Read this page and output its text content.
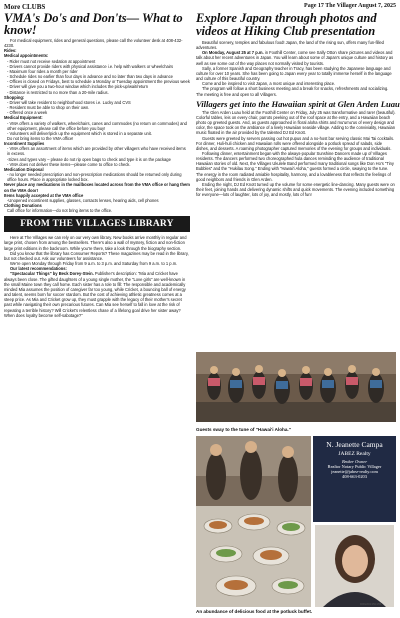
More CLUBS
VMA's Do's and Don'ts— What to know!

For medical equipment, rides and general questions, please call the volunteer desk at 408-432-4230.

Rides:

Medical appointments:

- Rider must not receive sedation at appointment

- Drivers cannot provide riders with physical assistance i.e. help with walkers or wheelchairs

- Maximum four rides a month per rider

- Schedule rides no earlier than four days in advance and no later than two days in advance

- Offices is closed on Fridays, best to schedule a Monday or Tuesday appointment the previous week

- Driver will give you a two-hour window which includes the pick-up/wait/return

- Distance is restricted to no more than a 20-mile radius.

Shopping:

- Driver will take resident to neighborhood stores i.e. Lucky and CVS

- Resident must be able to shop on their own.

- Offered once a week

Medical Equipment:

- VMA offers a variety of walkers, wheelchairs, canes and commodes (no return on commodes) and other equipment, please call the office before you buy!

- Volunteers will deliver/pick up the equipment which is stored in a separate unit.

Do not bring items to the VMA office!

Incontinent Supplies

- VMA offers an assortment of items which are provided by other villagers who have received items in excess.

-Sizes and types vary – please do not rip open bags to check and type it is on the package

- VMA does not deliver these items—please come to office to check.

Medication Disposal

- no longer needed prescription and non-prescription medications should be returned only during office hours. Place in appropriate locked box.

Never place any medications in the mailboxes located across from the VMA office or hang them on the VMA door!

Items happily accepted at the VMA office

-Unopened incontinent supplies, glasses, contacts lenses, hearing aids, cell phones

Clothing Donations

Call office for information—do not bring items to the office.

FROM THE VILLAGES LIBRARY

Here at The Villages we can rely on our very own library. New books arrive monthly in regular and large print, chosen from among the bestsellers. There's also a wall of mystery, fiction and non-fiction large print editions in the backroom. While you're there, take a look through the biography section.

Did you know that the library has Consumer Reports? These magazines may be read in the library, but not checked out. Ask our volunteers for assistance.

We're open Monday through Friday from 9 a.m. to 3 p.m. and Saturday from 9 a.m. to 1 p.m.

Our latest recommendations:

"Spectacular Things" by Beck Dorey-Stein. Publisher's description: "Mia and Cricket have always been close. The gifted daughters of a young single mother, the "Love girls" are well-known in the small Maine town they call home. Each sister has a role to fill: The responsible and academically minded Mia assumes the position of caregiver far too young, while Cricket, a bouncing ball of energy and talent, seems born for soccer stardom. But the cost of achieving athletic greatness comes at a steep price. As Mia and Cricket grow up, they must grapple with the legacy of their mother's secret past while navigating their own precarious futures. Can Mia see herself to fall in love at the risk of repeating a terrible history? Will Cricket's relentless chase of a lifelong goal drive her sister away? When does loyalty become self-sabotage?"

Page 17 The Villager August 7, 2025
Explore Japan through photos and videos at Hiking Club presentation

Beautiful scenery, temples and fabulous food! Japan, the land of the rising sun, offers many fun-filled adventures.

On Monday, August 25 at 7 p.m. in Foothill Center, come see Sally Otton share pictures and videos and talk about her recent adventures in Japan. You will learn about some of Japan's unique culture and history as well as see some out of the way places not normally visited by tourists.

Sally, a former Spanish and Geography teacher in Tracy, has been studying the Japanese language and culture for over 10 years. She has been going to Japan every year to totally immerse herself in the language and culture of this beautiful country.

Come and be inspired to visit Japan, a most unique and interesting place.

The program will follow a short business meeting and a break for snacks, refreshments and socializing. The meeting is free and open to all Villagers.

Villagers get into the Hawaiian spirit at Glen Arden Luau

The Glen Arden Luau held at the Foothill Center on Friday, July 25 was transformative and rare! (beautiful). Colorful tables, leis on every chair, parrots peeking out of the roof space at the entry, and a Hawaiian beach photo op greeted guests. And, as guests approached in floral aloha shirts and mu'umu'us of every design and color, the space took on the ambiance of a lively Hawaiian seaside village. Adding to the conviviality, Hawaiian music floated in the air provided by the talented DJ Ed Knott.

Guests were greeted by servers passing out hot pupus and a no-host bar serving classic Mai Tai cocktails. For dinner, Huli-huli chicken and Hawaiian rolls were offered alongside a potluck spread of salads, side dishes, and desserts. A roaming photographer captured memories of the evening for groups and individuals.

Following dinner, entertainment began with the always-popular Sunshine Dancers made up of Villages residents. The dancers performed two choreographed hula dances reminding the audience of traditional Hawaiian stories of old. Next, the Villages Ukulele Band performed many traditional songs like Don Ho's "Tiny Bubbles" and the "Hukilau Song." Ending with "Hawai'i Aloha," guests formed a circle, swaying to the tune. The energy in the room radiated amiable hospitality, harmony, and a lovableness that reflects the feelings of good neighbors and friends in Glen Arden.

Ending the night, DJ Ed Knott turned up the volume for some energetic line-dancing. Many guests were on their feet, joining hands and delivering dynamic shifts and quick movements. The evening included something for everyone—lots of laughter, lots of joy, and mostly, lots of fun!

Guests sway to the tune of "Hawai'i Aloha."
N. Jeanette Campa
JABEZ Realty
Broker Owner
Realtor Notary Public Villager
jeanette@jabez-realty.com
408-663-0203
DRE#01350155
An abundance of delicious food at the potluck buffet.
